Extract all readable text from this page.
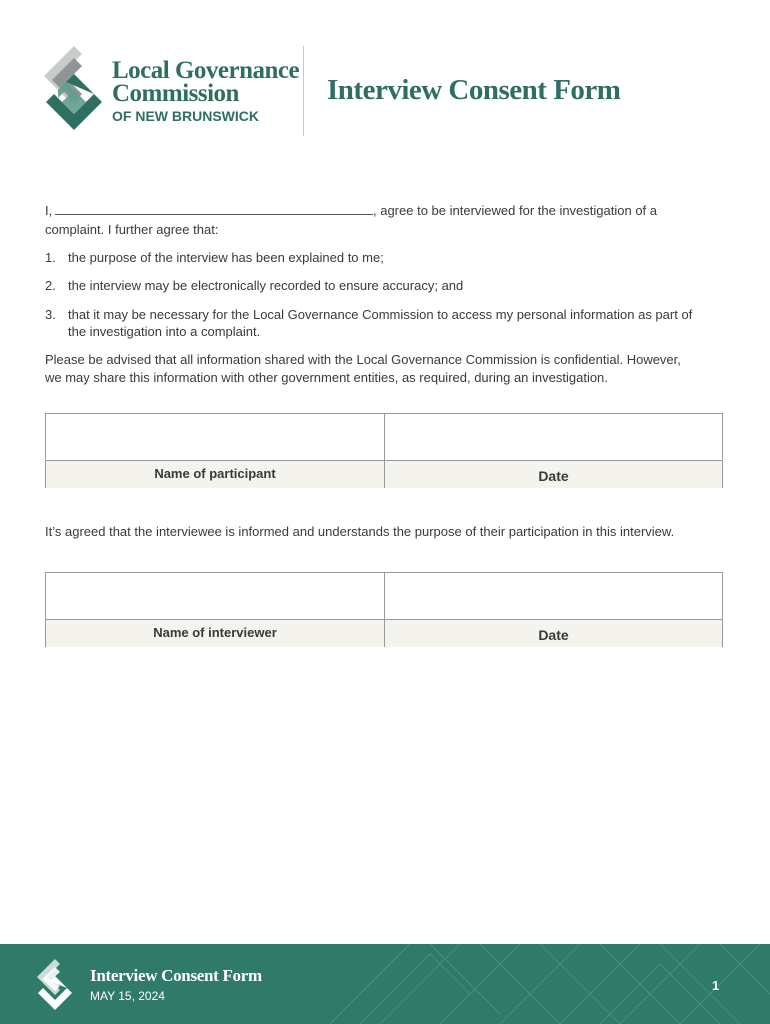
Local Governance
Commission
OF NEW BRUNSWICK
Interview Consent Form
I,	, agree to be interviewed for the investigation of a
complaint. I further agree that:
1. the purpose of the interview has been explained to me;
2. the interview may be electronically recorded to ensure accuracy; and
3. that it may be necessary for the Local Governance Commission to access my personal information as part of
the investigation into a complaint.
Please be advised that all information shared with the Local Governance Commission is confidential. However,
we may share this information with other government entities, as required, during an investigation.
Name of participant	Date
It’s agreed that the interviewee is informed and understands the purpose of their participation in this interview.
Name of interviewer	Date
Interview Consent Form
MAY 15, 2024
1
